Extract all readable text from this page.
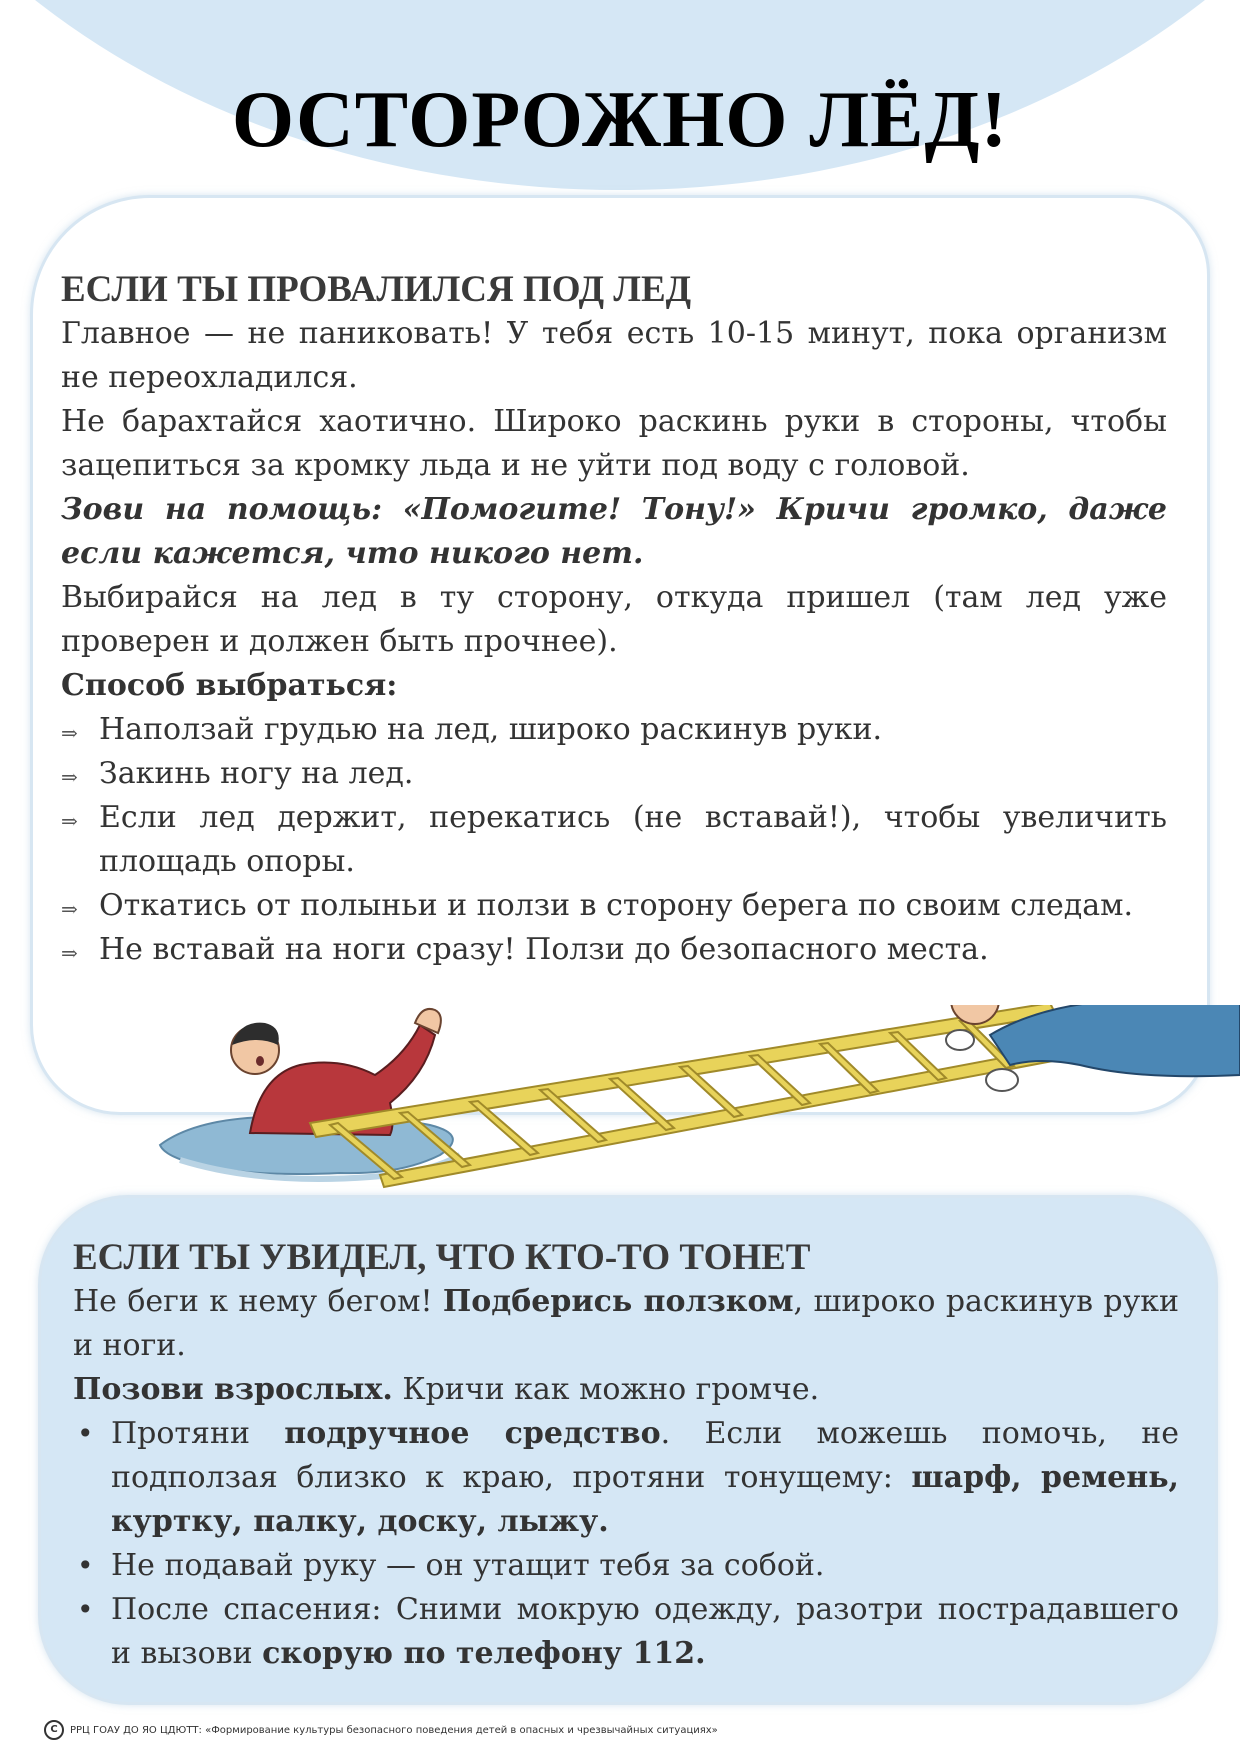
ОСТОРОЖНО ЛЁД!
ЕСЛИ ТЫ ПРОВАЛИЛСЯ ПОД ЛЕД
Главное — не паниковать! У тебя есть 10-15 минут, пока организм не переохладился.
Не барахтайся хаотично. Широко раскинь руки в стороны, чтобы зацепиться за кромку льда и не уйти под воду с головой.
Зови на помощь: «Помогите! Тону!» Кричи громко, даже если кажется, что никого нет.
Выбирайся на лед в ту сторону, откуда пришел (там лед уже проверен и должен быть прочнее).
Способ выбраться:
⇒ Наползай грудью на лед, широко раскинув руки.
⇒ Закинь ногу на лед.
⇒ Если лед держит, перекатись (не вставай!), чтобы увеличить площадь опоры.
⇒ Откатись от полыньи и ползи в сторону берега по своим следам.
⇒ Не вставай на ноги сразу! Ползи до безопасного места.
ЕСЛИ ТЫ УВИДЕЛ, ЧТО КТО-ТО ТОНЕТ
Не беги к нему бегом! Подберись ползком, широко раскинув руки и ноги.
Позови взрослых. Кричи как можно громче.
• Протяни подручное средство. Если можешь помочь, не подползая близко к краю, протяни тонущему: шарф, ремень, куртку, палку, доску, лыжу.
• Не подавай руку — он утащит тебя за собой.
• После спасения: Сними мокрую одежду, разотри пострадавшего и вызови скорую по телефону 112.
C	РРЦ ГОАУ ДО ЯО ЦДЮТТ: «Формирование культуры безопасного поведения детей в опасных и чрезвычайных ситуациях»
